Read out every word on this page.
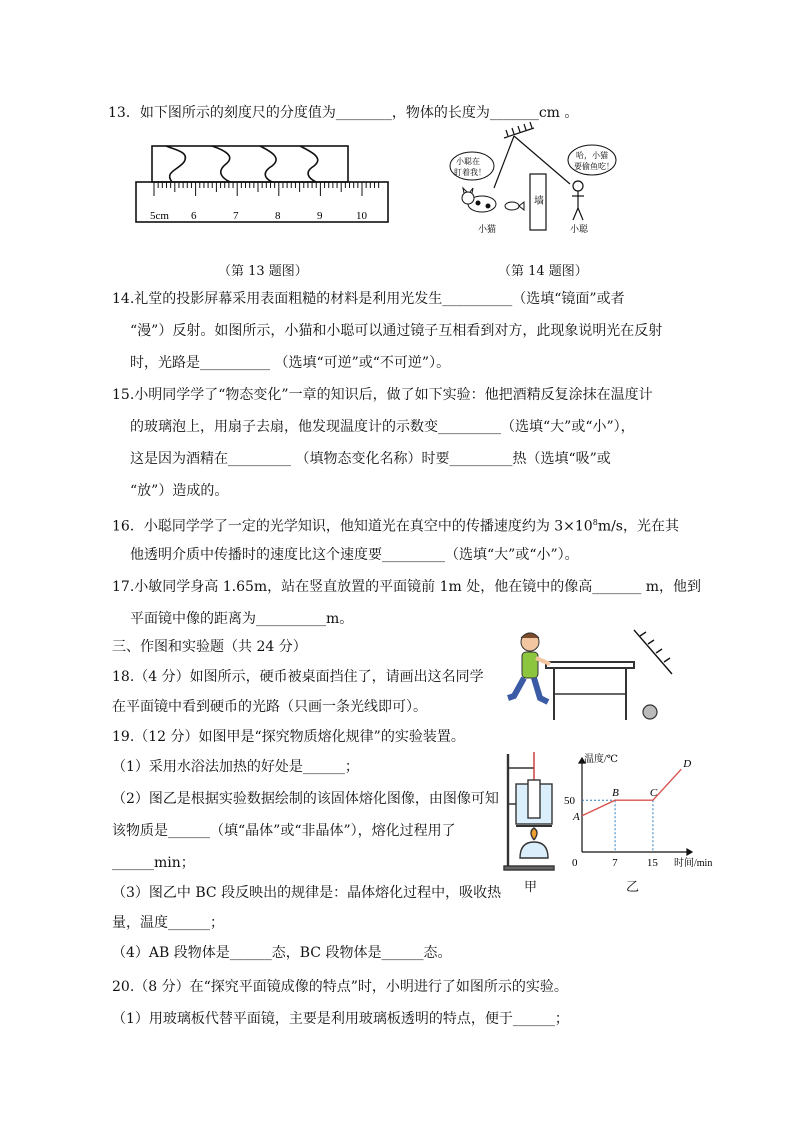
13．如下图所示的刻度尺的分度值为________，物体的长度为_______cm 。
5cm 6	7	8	9	10
（第 13 题图）
墙
小聪在
盯着我！
小猫
哈，小猫
要偷鱼吃！
小聪
（第 14 题图）
14.礼堂的投影屏幕采用表面粗糙的材料是利用光发生__________（选填“镜面”或者
“漫”）反射。如图所示，小猫和小聪可以通过镜子互相看到对方，此现象说明光在反射
时，光路是__________ （选填“可逆”或“不可逆”）。
15.小明同学学了“物态变化”一章的知识后，做了如下实验：他把酒精反复涂抹在温度计
的玻璃泡上，用扇子去扇，他发现温度计的示数变_________（选填“大”或“小”），
这是因为酒精在_________ （填物态变化名称）时要_________热（选填“吸”或
“放”）造成的。
16．小聪同学学了一定的光学知识，他知道光在真空中的传播速度约为 $3\times 10^8m/s$，光在其
他透明介质中传播时的速度比这个速度要_________（选填“大”或“小”）。
17.小敏同学身高 1.65m，站在竖直放置的平面镜前 1m 处，他在镜中的像高_______ m，他到
平面镜中像的距离为__________m。
三、作图和实验题（共 24 分）
18.（4 分）如图所示，硬币被桌面挡住了，请画出这名同学
在平面镜中看到硬币的光路（只画一条光线即可）。
19.（12 分）如图甲是“探究物质熔化规律”的实验装置。
（1）采用水浴法加热的好处是______；
（2）图乙是根据实验数据绘制的该固体熔化图像，由图像可知
该物质是______（填“晶体”或“非晶体”），熔化过程用了
______min；
（3）图乙中 BC 段反映出的规律是：晶体熔化过程中，吸收热
量，温度______；
（4）AB 段物体是______态，BC 段物体是______态。
甲
温度/℃
时间/min
0
50
7	15
A
B	C
D
乙
20.（8 分）在“探究平面镜成像的特点”时，小明进行了如图所示的实验。
（1）用玻璃板代替平面镜，主要是利用玻璃板透明的特点，便于______；
